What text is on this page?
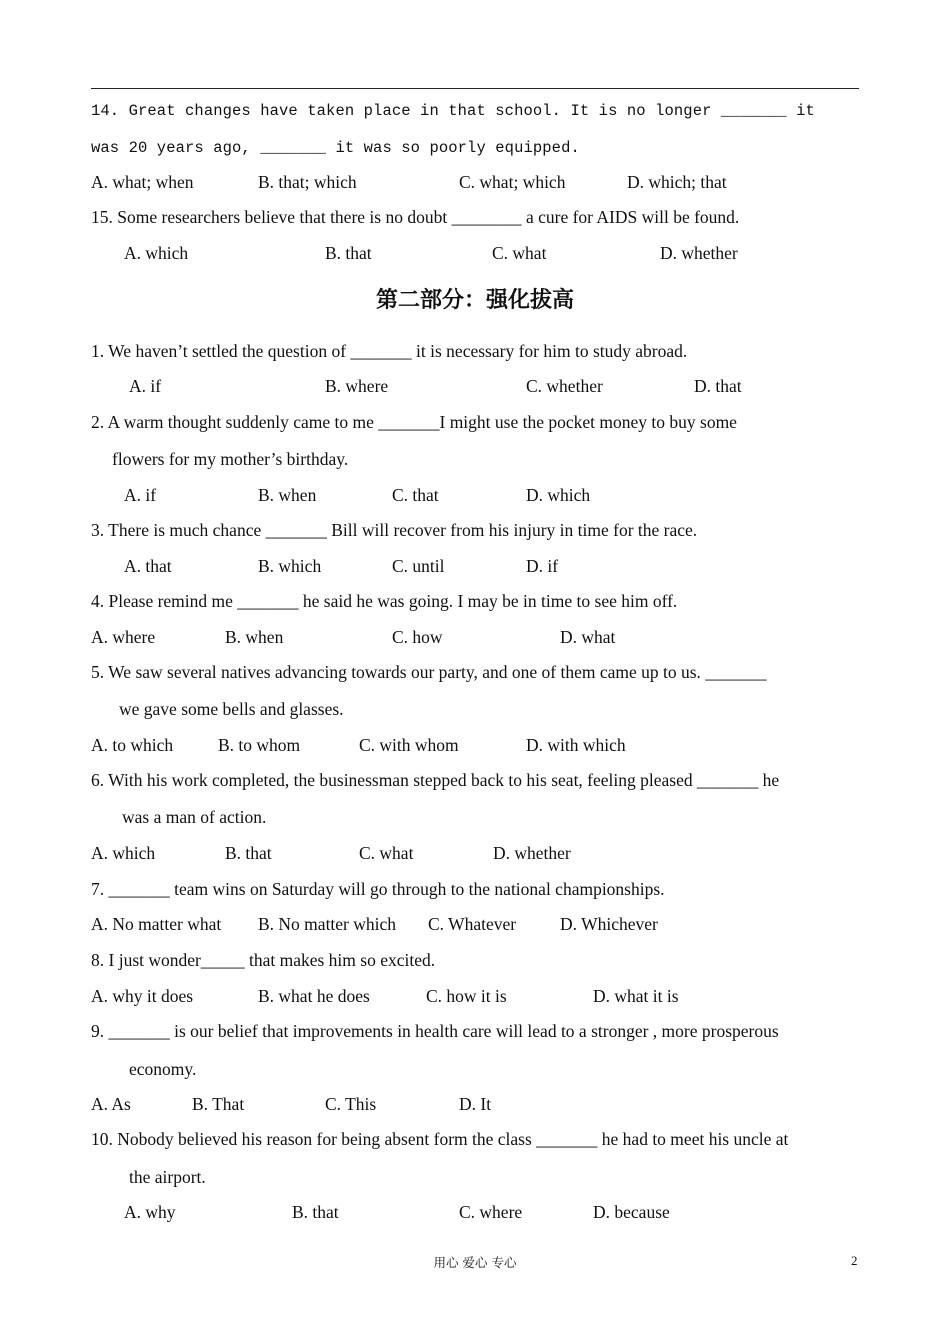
14. Great changes have taken place in that school. It is no longer _______ it
was 20 years ago, _______ it was so poorly equipped.
A. what; when	B. that; which	C. what; which	D. which; that
15. Some researchers believe that there is no doubt ________ a cure for AIDS will be found.
A. which	B. that	C. what	D. whether
第二部分：强化拔高
1. We haven’t settled the question of _______ it is necessary for him to study abroad.
A. if	B. where	C. whether	D. that
2. A warm thought suddenly came to me _______I might use the pocket money to buy some
flowers for my mother’s birthday.
A. if	B. when	C. that	D. which
3. There is much chance _______ Bill will recover from his injury in time for the race.
A. that	B. which	C. until	D. if
4. Please remind me _______ he said he was going. I may be in time to see him off.
A. where	B. when	C. how	D. what
5. We saw several natives advancing towards our party, and one of them came up to us. _______
we gave some bells and glasses.
A. to which	B. to whom	C. with whom	D. with which
6. With his work completed, the businessman stepped back to his seat, feeling pleased _______ he
was a man of action.
A. which	B. that	C. what	D. whether
7. _______ team wins on Saturday will go through to the national championships.
A. No matter what B. No matter which C. Whatever	D. Whichever
8. I just wonder_____ that makes him so excited.
A. why it does	B. what he does	C. how it is	D. what it is
9. _______ is our belief that improvements in health care will lead to a stronger , more prosperous
economy.
A. As	B. That	C. This	D. It
10. Nobody believed his reason for being absent form the class _______ he had to meet his uncle at
the airport.
A. why	B. that	C. where	D. because
用心 爱心 专心	2
